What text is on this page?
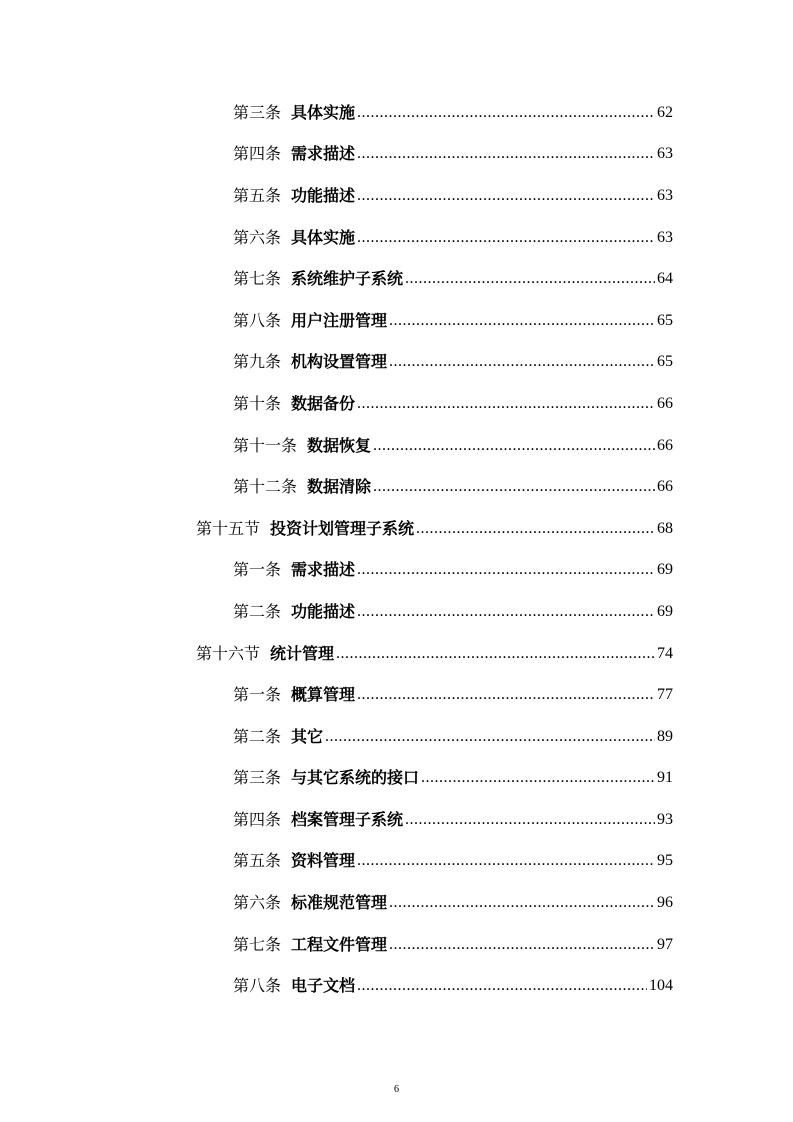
第三条 具体实施 .....	62
第四条 需求描述 .....	63
第五条 功能描述 .....	63
第六条 具体实施 .....	63
第七条 系统维护子系统 .....	64
第八条 用户注册管理 .....	65
第九条 机构设置管理 .....	65
第十条 数据备份 .....	66
第十一条 数据恢复 .....	66
第十二条 数据清除 .....	66
第十五节 投资计划管理子系统 .....	68
第一条 需求描述 .....	69
第二条 功能描述 .....	69
第十六节 统计管理 .....	74
第一条 概算管理 .....	77
第二条 其它 .....	89
第三条 与其它系统的接口 .....	91
第四条 档案管理子系统 .....	93
第五条 资料管理 .....	95
第六条 标准规范管理 .....	96
第七条 工程文件管理 .....	97
第八条 电子文档 .....	104
6
